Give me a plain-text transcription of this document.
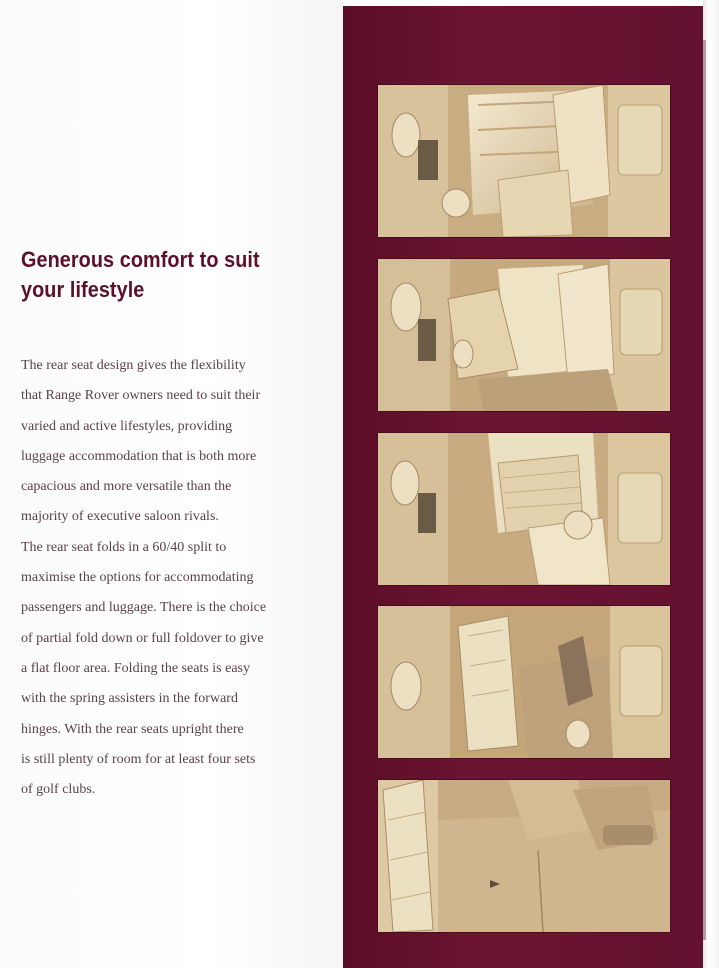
Generous comfort to suit
your lifestyle

The rear seat design gives the flexibility

that Range Rover owners need to suit their

varied and active lifestyles, providing

luggage accommodation that is both more

capacious and more versatile than the

majority of executive saloon rivals.

The rear seat folds in a 60/40 split to

maximise the options for accommodating

passengers and luggage. There is the choice

of partial fold down or full foldover to give

a flat floor area. Folding the seats is easy

with the spring assisters in the forward

hinges. With the rear seats upright there

is still plenty of room for at least four sets

of golf clubs.
